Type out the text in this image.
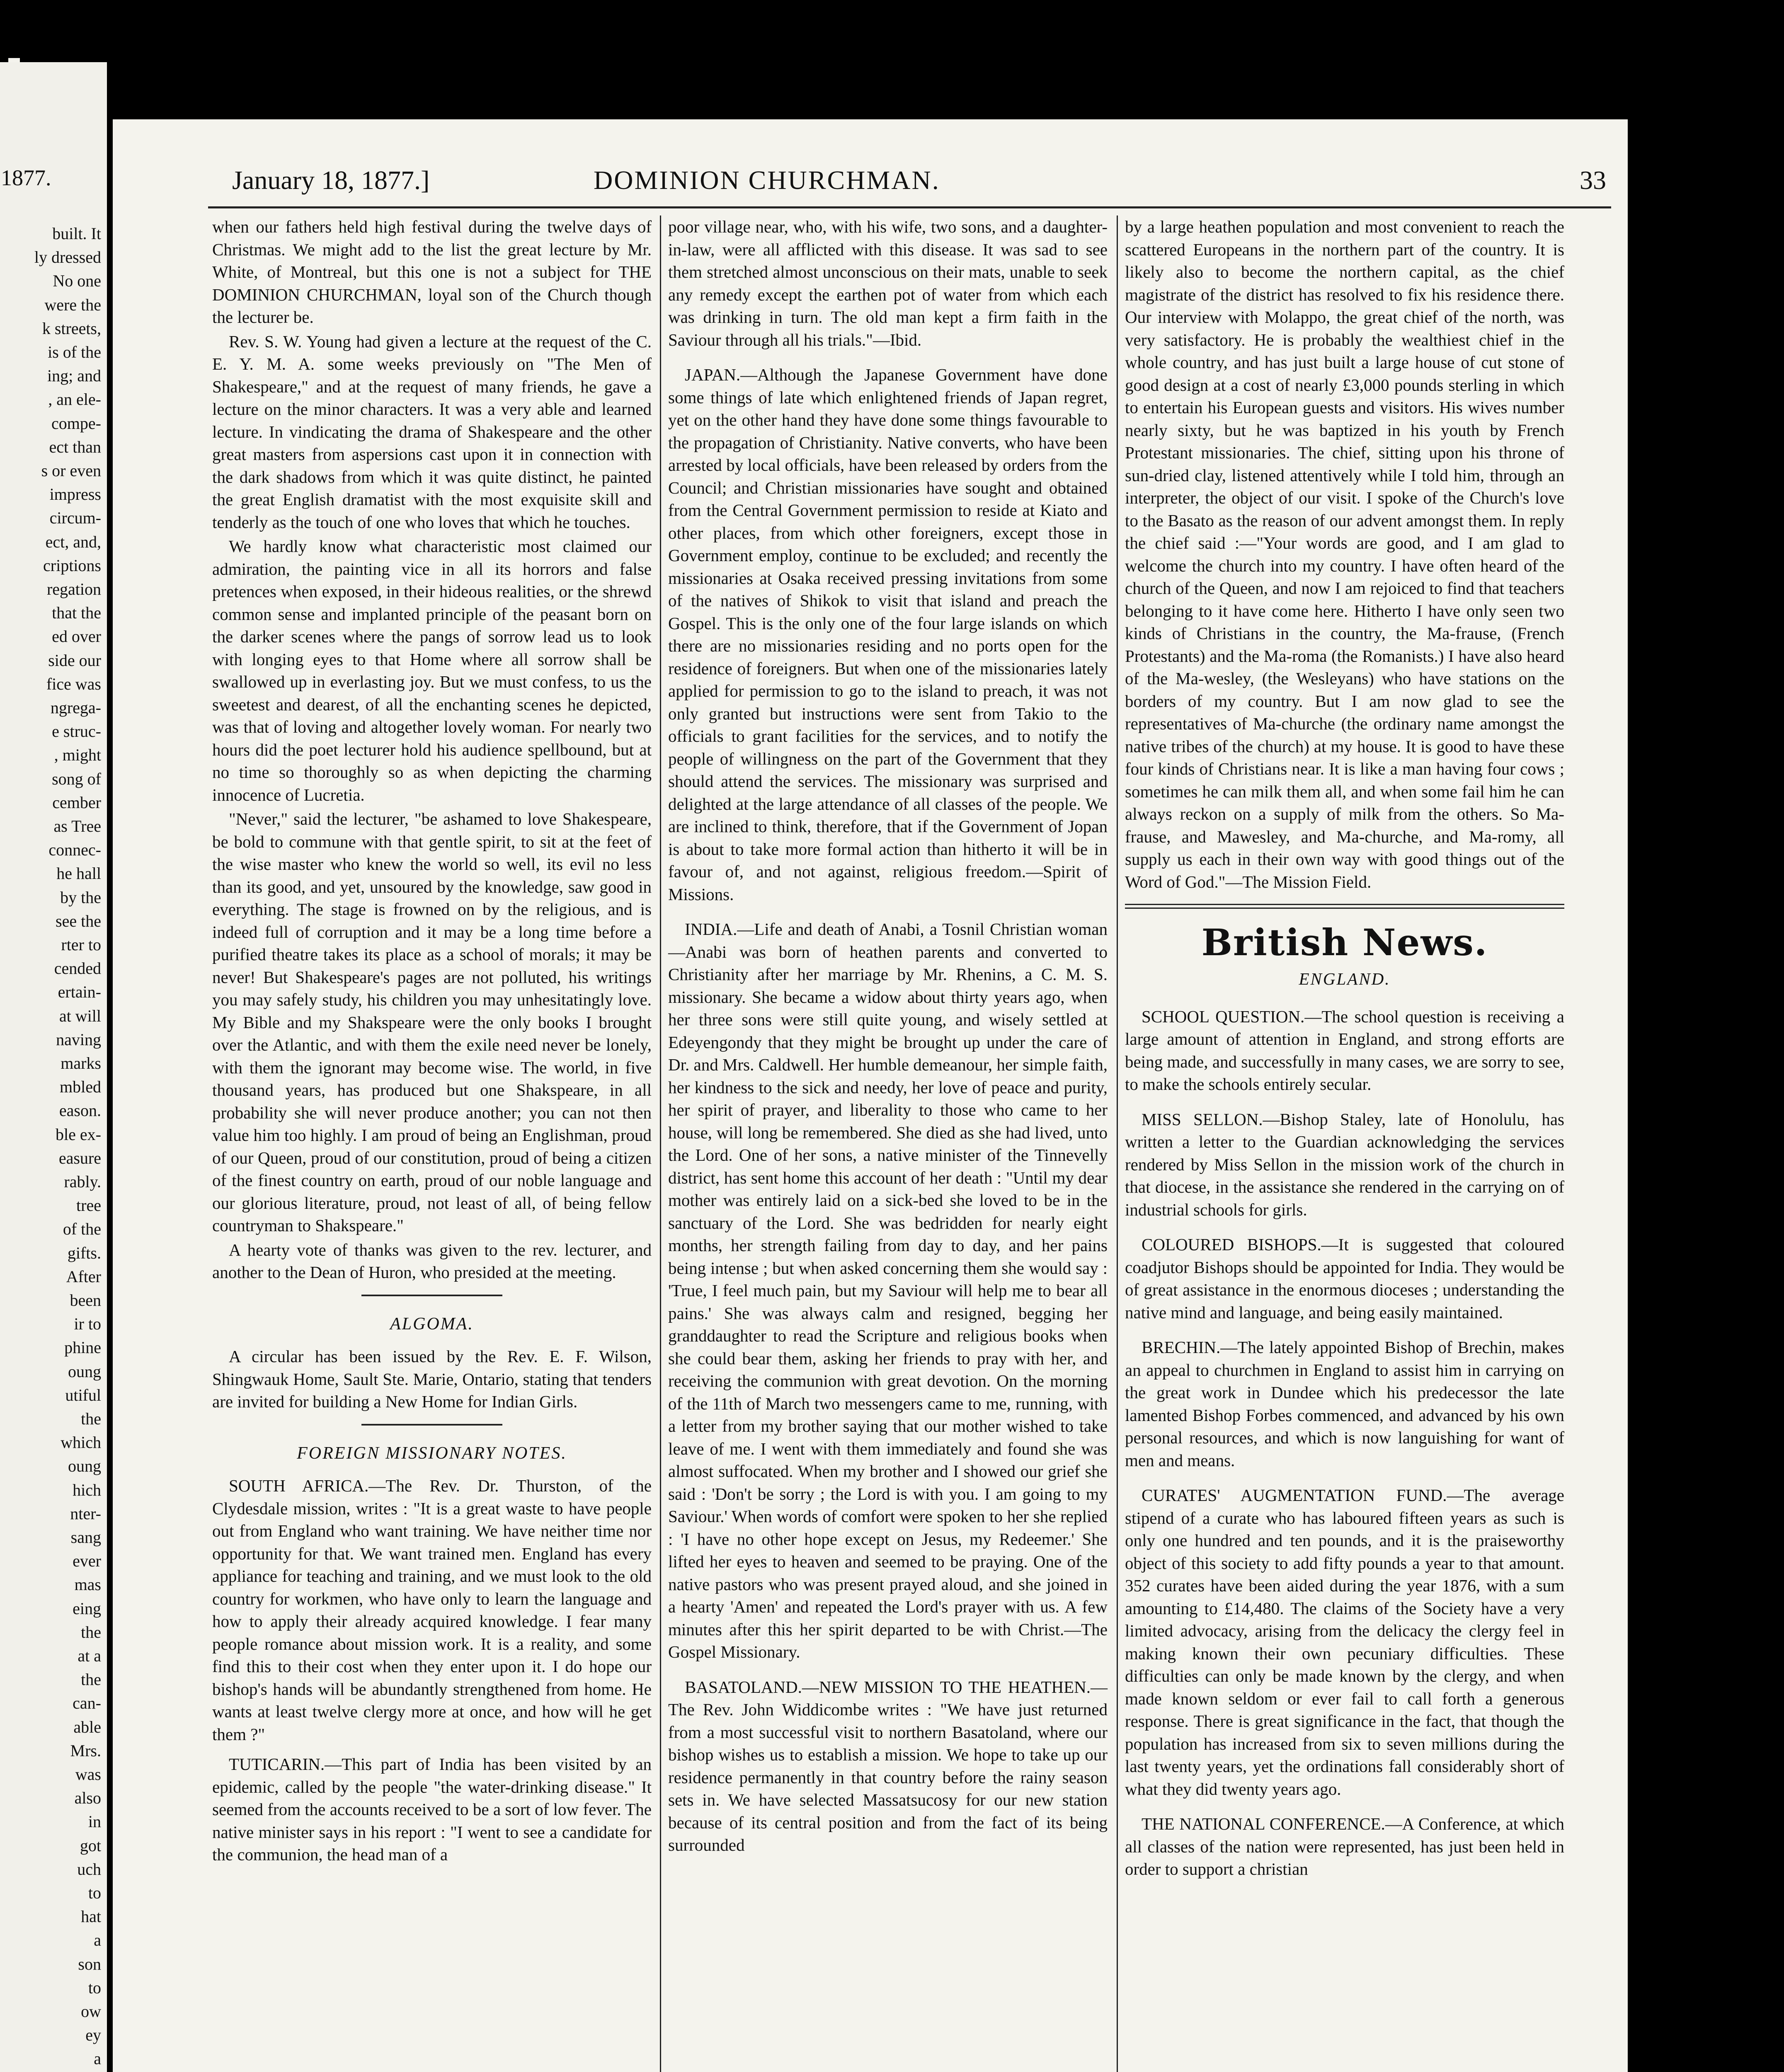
1877.
built. It
ly dressed
No one
were the
k streets,
is of the
ing; and
, an ele-
compe-
ect than
s or even
impress
circum-
ect, and,
criptions
regation
that the
ed over
side our
fice was
ngrega-
e struc-
, might
song of
cember
as Tree
connec-
he hall
by the
see the
rter to
cended
ertain-
at will
naving
marks
mbled
eason.
ble ex-
easure
rably.
tree
of the
gifts.
After
been
ir to
phine
oung
utiful
the
which
oung
hich
nter-
sang
ever
mas
eing
the
at a
the
can-
able
Mrs.
was
also
in
got
uch
to
hat
a
son
to
ow
ey
a
January 18, 1877.]	DOMINION CHURCHMAN.	33

when our fathers held high festival during the twelve days of Christmas. We might add to the list the great lecture by Mr. White, of Montreal, but this one is not a subject for THE DOMINION CHURCHMAN, loyal son of the Church though the lecturer be.

Rev. S. W. Young had given a lecture at the request of the C. E. Y. M. A. some weeks previously on "The Men of Shakespeare," and at the request of many friends, he gave a lecture on the minor characters. It was a very able and learned lecture. In vindicating the drama of Shakespeare and the other great masters from aspersions cast upon it in connection with the dark shadows from which it was quite distinct, he painted the great English dramatist with the most exquisite skill and tenderly as the touch of one who loves that which he touches.

We hardly know what characteristic most claimed our admiration, the painting vice in all its horrors and false pretences when exposed, in their hideous realities, or the shrewd common sense and implanted principle of the peasant born on the darker scenes where the pangs of sorrow lead us to look with longing eyes to that Home where all sorrow shall be swallowed up in everlasting joy. But we must confess, to us the sweetest and dearest, of all the enchanting scenes he depicted, was that of loving and altogether lovely woman. For nearly two hours did the poet lecturer hold his audience spellbound, but at no time so thoroughly so as when depicting the charming innocence of Lucretia.

"Never," said the lecturer, "be ashamed to love Shakespeare, be bold to commune with that gentle spirit, to sit at the feet of the wise master who knew the world so well, its evil no less than its good, and yet, unsoured by the knowledge, saw good in everything. The stage is frowned on by the religious, and is indeed full of corruption and it may be a long time before a purified theatre takes its place as a school of morals; it may be never! But Shakespeare's pages are not polluted, his writings you may safely study, his children you may unhesitatingly love. My Bible and my Shakspeare were the only books I brought over the Atlantic, and with them the exile need never be lonely, with them the ignorant may become wise. The world, in five thousand years, has produced but one Shakspeare, in all probability she will never produce another; you can not then value him too highly. I am proud of being an Englishman, proud of our Queen, proud of our constitution, proud of being a citizen of the finest country on earth, proud of our noble language and our glorious literature, proud, not least of all, of being fellow countryman to Shakspeare."

A hearty vote of thanks was given to the rev. lecturer, and another to the Dean of Huron, who presided at the meeting.

ALGOMA.

A circular has been issued by the Rev. E. F. Wilson, Shingwauk Home, Sault Ste. Marie, Ontario, stating that tenders are invited for building a New Home for Indian Girls.

FOREIGN MISSIONARY NOTES.

SOUTH AFRICA.—The Rev. Dr. Thurston, of the Clydesdale mission, writes : "It is a great waste to have people out from England who want training. We have neither time nor opportunity for that. We want trained men. England has every appliance for teaching and training, and we must look to the old country for workmen, who have only to learn the language and how to apply their already acquired knowledge. I fear many people romance about mission work. It is a reality, and some find this to their cost when they enter upon it. I do hope our bishop's hands will be abundantly strengthened from home. He wants at least twelve clergy more at once, and how will he get them ?"

TUTICARIN.—This part of India has been visited by an epidemic, called by the people "the water-drinking disease." It seemed from the accounts received to be a sort of low fever. The native minister says in his report : "I went to see a candidate for the communion, the head man of a

poor village near, who, with his wife, two sons, and a daughter-in-law, were all afflicted with this disease. It was sad to see them stretched almost unconscious on their mats, unable to seek any remedy except the earthen pot of water from which each was drinking in turn. The old man kept a firm faith in the Saviour through all his trials."—Ibid.

JAPAN.—Although the Japanese Government have done some things of late which enlightened friends of Japan regret, yet on the other hand they have done some things favourable to the propagation of Christianity. Native converts, who have been arrested by local officials, have been released by orders from the Council; and Christian missionaries have sought and obtained from the Central Government permission to reside at Kiato and other places, from which other foreigners, except those in Government employ, continue to be excluded; and recently the missionaries at Osaka received pressing invitations from some of the natives of Shikok to visit that island and preach the Gospel. This is the only one of the four large islands on which there are no missionaries residing and no ports open for the residence of foreigners. But when one of the missionaries lately applied for permission to go to the island to preach, it was not only granted but instructions were sent from Takio to the officials to grant facilities for the services, and to notify the people of willingness on the part of the Government that they should attend the services. The missionary was surprised and delighted at the large attendance of all classes of the people. We are inclined to think, therefore, that if the Government of Jopan is about to take more formal action than hitherto it will be in favour of, and not against, religious freedom.—Spirit of Missions.

INDIA.—Life and death of Anabi, a Tosnil Christian woman—Anabi was born of heathen parents and converted to Christianity after her marriage by Mr. Rhenins, a C. M. S. missionary. She became a widow about thirty years ago, when her three sons were still quite young, and wisely settled at Edeyengondy that they might be brought up under the care of Dr. and Mrs. Caldwell. Her humble demeanour, her simple faith, her kindness to the sick and needy, her love of peace and purity, her spirit of prayer, and liberality to those who came to her house, will long be remembered. She died as she had lived, unto the Lord. One of her sons, a native minister of the Tinnevelly district, has sent home this account of her death : "Until my dear mother was entirely laid on a sick-bed she loved to be in the sanctuary of the Lord. She was bedridden for nearly eight months, her strength failing from day to day, and her pains being intense ; but when asked concerning them she would say : 'True, I feel much pain, but my Saviour will help me to bear all pains.' She was always calm and resigned, begging her granddaughter to read the Scripture and religious books when she could bear them, asking her friends to pray with her, and receiving the communion with great devotion. On the morning of the 11th of March two messengers came to me, running, with a letter from my brother saying that our mother wished to take leave of me. I went with them immediately and found she was almost suffocated. When my brother and I showed our grief she said : 'Don't be sorry ; the Lord is with you. I am going to my Saviour.' When words of comfort were spoken to her she replied : 'I have no other hope except on Jesus, my Redeemer.' She lifted her eyes to heaven and seemed to be praying. One of the native pastors who was present prayed aloud, and she joined in a hearty 'Amen' and repeated the Lord's prayer with us. A few minutes after this her spirit departed to be with Christ.—The Gospel Missionary.

BASATOLAND.—NEW MISSION TO THE HEATHEN.—The Rev. John Widdicombe writes : "We have just returned from a most successful visit to northern Basatoland, where our bishop wishes us to establish a mission. We hope to take up our residence permanently in that country before the rainy season sets in. We have selected Massatsucosy for our new station because of its central position and from the fact of its being surrounded

by a large heathen population and most convenient to reach the scattered Europeans in the northern part of the country. It is likely also to become the northern capital, as the chief magistrate of the district has resolved to fix his residence there. Our interview with Molappo, the great chief of the north, was very satisfactory. He is probably the wealthiest chief in the whole country, and has just built a large house of cut stone of good design at a cost of nearly £3,000 pounds sterling in which to entertain his European guests and visitors. His wives number nearly sixty, but he was baptized in his youth by French Protestant missionaries. The chief, sitting upon his throne of sun-dried clay, listened attentively while I told him, through an interpreter, the object of our visit. I spoke of the Church's love to the Basato as the reason of our advent amongst them. In reply the chief said :—"Your words are good, and I am glad to welcome the church into my country. I have often heard of the church of the Queen, and now I am rejoiced to find that teachers belonging to it have come here. Hitherto I have only seen two kinds of Christians in the country, the Ma-frause, (French Protestants) and the Ma-roma (the Romanists.) I have also heard of the Ma-wesley, (the Wesleyans) who have stations on the borders of my country. But I am now glad to see the representatives of Ma-churche (the ordinary name amongst the native tribes of the church) at my house. It is good to have these four kinds of Christians near. It is like a man having four cows ; sometimes he can milk them all, and when some fail him he can always reckon on a supply of milk from the others. So Ma-frause, and Mawesley, and Ma-churche, and Ma-romy, all supply us each in their own way with good things out of the Word of God."—The Mission Field.

British News.
ENGLAND.

SCHOOL QUESTION.—The school question is receiving a large amount of attention in England, and strong efforts are being made, and successfully in many cases, we are sorry to see, to make the schools entirely secular.

MISS SELLON.—Bishop Staley, late of Honolulu, has written a letter to the Guardian acknowledging the services rendered by Miss Sellon in the mission work of the church in that diocese, in the assistance she rendered in the carrying on of industrial schools for girls.

COLOURED BISHOPS.—It is suggested that coloured coadjutor Bishops should be appointed for India. They would be of great assistance in the enormous dioceses ; understanding the native mind and language, and being easily maintained.

BRECHIN.—The lately appointed Bishop of Brechin, makes an appeal to churchmen in England to assist him in carrying on the great work in Dundee which his predecessor the late lamented Bishop Forbes commenced, and advanced by his own personal resources, and which is now languishing for want of men and means.

CURATES' AUGMENTATION FUND.—The average stipend of a curate who has laboured fifteen years as such is only one hundred and ten pounds, and it is the praiseworthy object of this society to add fifty pounds a year to that amount. 352 curates have been aided during the year 1876, with a sum amounting to £14,480. The claims of the Society have a very limited advocacy, arising from the delicacy the clergy feel in making known their own pecuniary difficulties. These difficulties can only be made known by the clergy, and when made known seldom or ever fail to call forth a generous response. There is great significance in the fact, that though the population has increased from six to seven millions during the last twenty years, yet the ordinations fall considerably short of what they did twenty years ago.

THE NATIONAL CONFERENCE.—A Conference, at which all classes of the nation were represented, has just been held in order to support a christian
